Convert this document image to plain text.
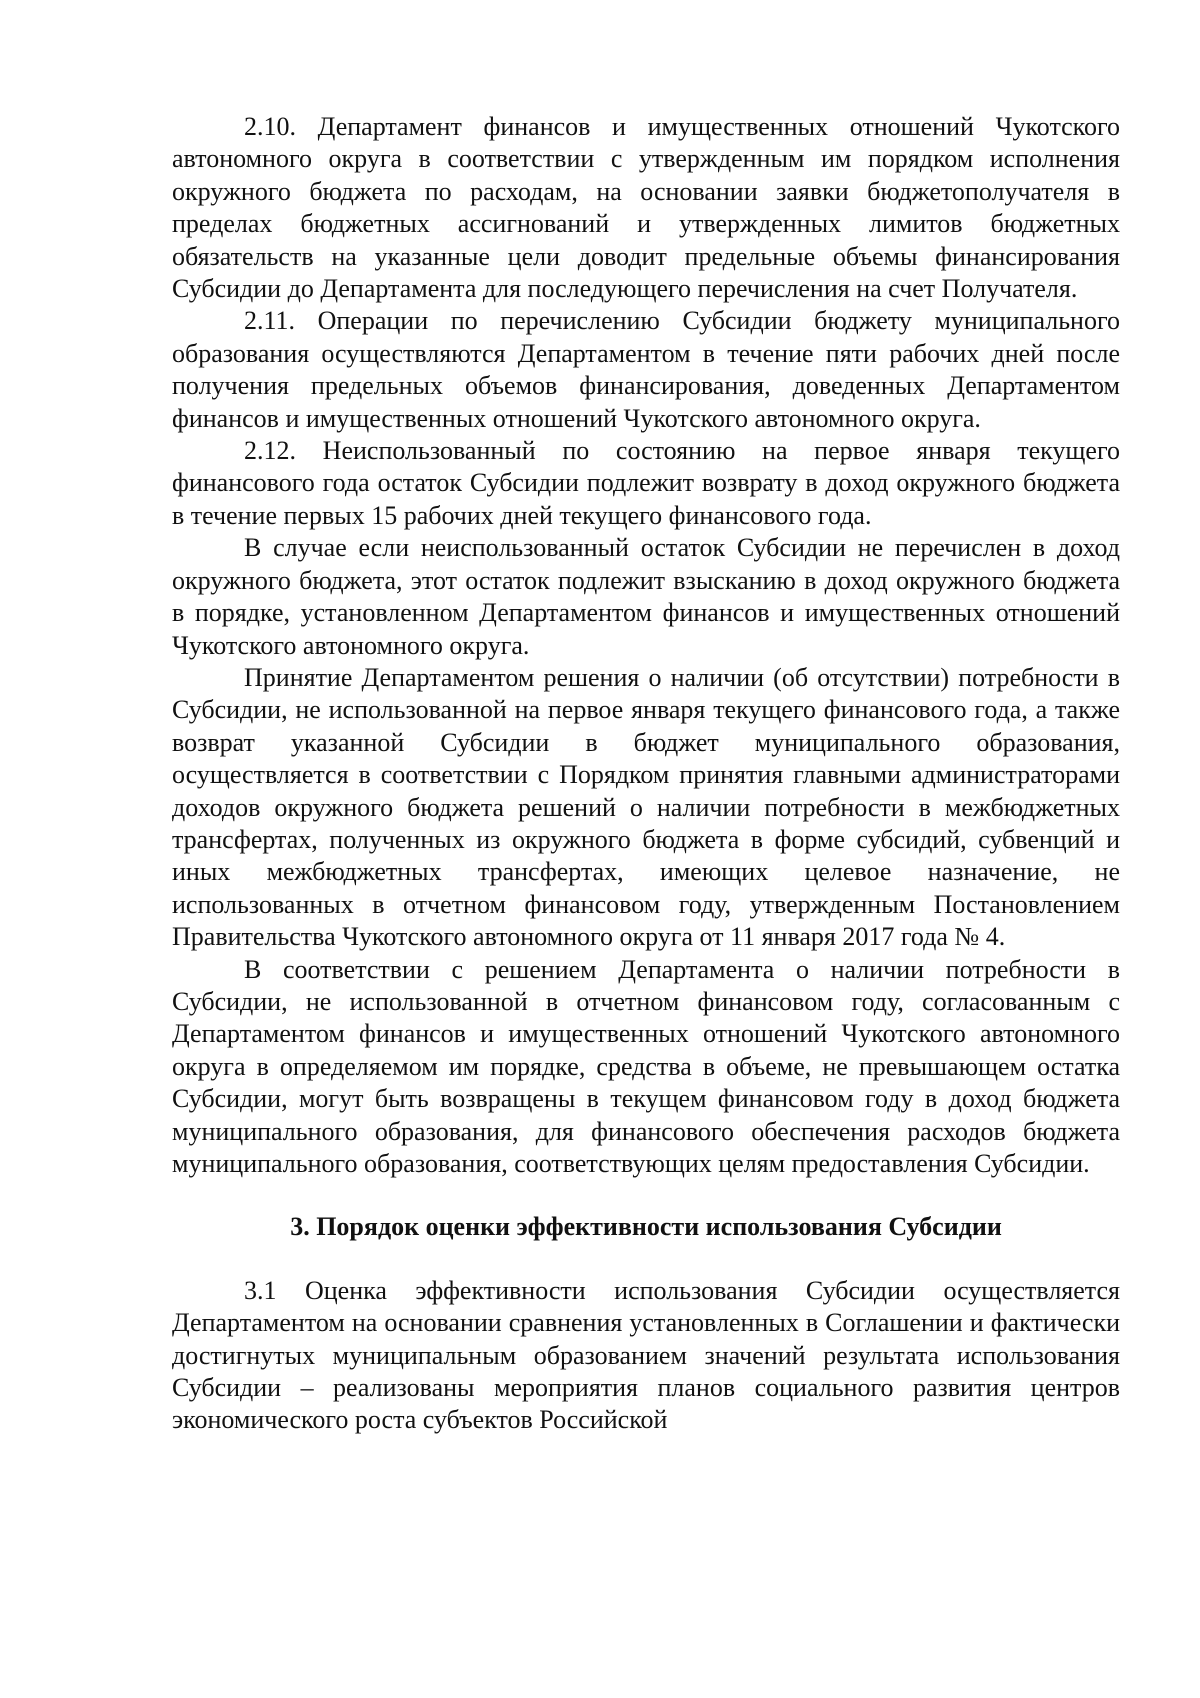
2.10. Департамент финансов и имущественных отношений Чукотского автономного округа в соответствии с утвержденным им порядком исполнения окружного бюджета по расходам, на основании заявки бюджетополучателя в пределах бюджетных ассигнований и утвержденных лимитов бюджетных обязательств на указанные цели доводит предельные объемы финансирования Субсидии до Департамента для последующего перечисления на счет Получателя.

2.11. Операции по перечислению Субсидии бюджету муниципального образования осуществляются Департаментом в течение пяти рабочих дней после получения предельных объемов финансирования, доведенных Департаментом финансов и имущественных отношений Чукотского автономного округа.

2.12. Неиспользованный по состоянию на первое января текущего финансового года остаток Субсидии подлежит возврату в доход окружного бюджета в течение первых 15 рабочих дней текущего финансового года.

В случае если неиспользованный остаток Субсидии не перечислен в доход окружного бюджета, этот остаток подлежит взысканию в доход окружного бюджета в порядке, установленном Департаментом финансов и имущественных отношений Чукотского автономного округа.

Принятие Департаментом решения о наличии (об отсутствии) потребности в Субсидии, не использованной на первое января текущего финансового года, а также возврат указанной Субсидии в бюджет муниципального образования, осуществляется в соответствии с Порядком принятия главными администраторами доходов окружного бюджета решений о наличии потребности в межбюджетных трансфертах, полученных из окружного бюджета в форме субсидий, субвенций и иных межбюджетных трансфертах, имеющих целевое назначение, не использованных в отчетном финансовом году, утвержденным Постановлением Правительства Чукотского автономного округа от 11 января 2017 года № 4.

В соответствии с решением Департамента о наличии потребности в Субсидии, не использованной в отчетном финансовом году, согласованным с Департаментом финансов и имущественных отношений Чукотского автономного округа в определяемом им порядке, средства в объеме, не превышающем остатка Субсидии, могут быть возвращены в текущем финансовом году в доход бюджета муниципального образования, для финансового обеспечения расходов бюджета муниципального образования, соответствующих целям предоставления Субсидии.

3. Порядок оценки эффективности использования Субсидии

3.1 Оценка эффективности использования Субсидии осуществляется Департаментом на основании сравнения установленных в Соглашении и фактически достигнутых муниципальным образованием значений результата использования Субсидии – реализованы мероприятия планов социального развития центров экономического роста субъектов Российской
